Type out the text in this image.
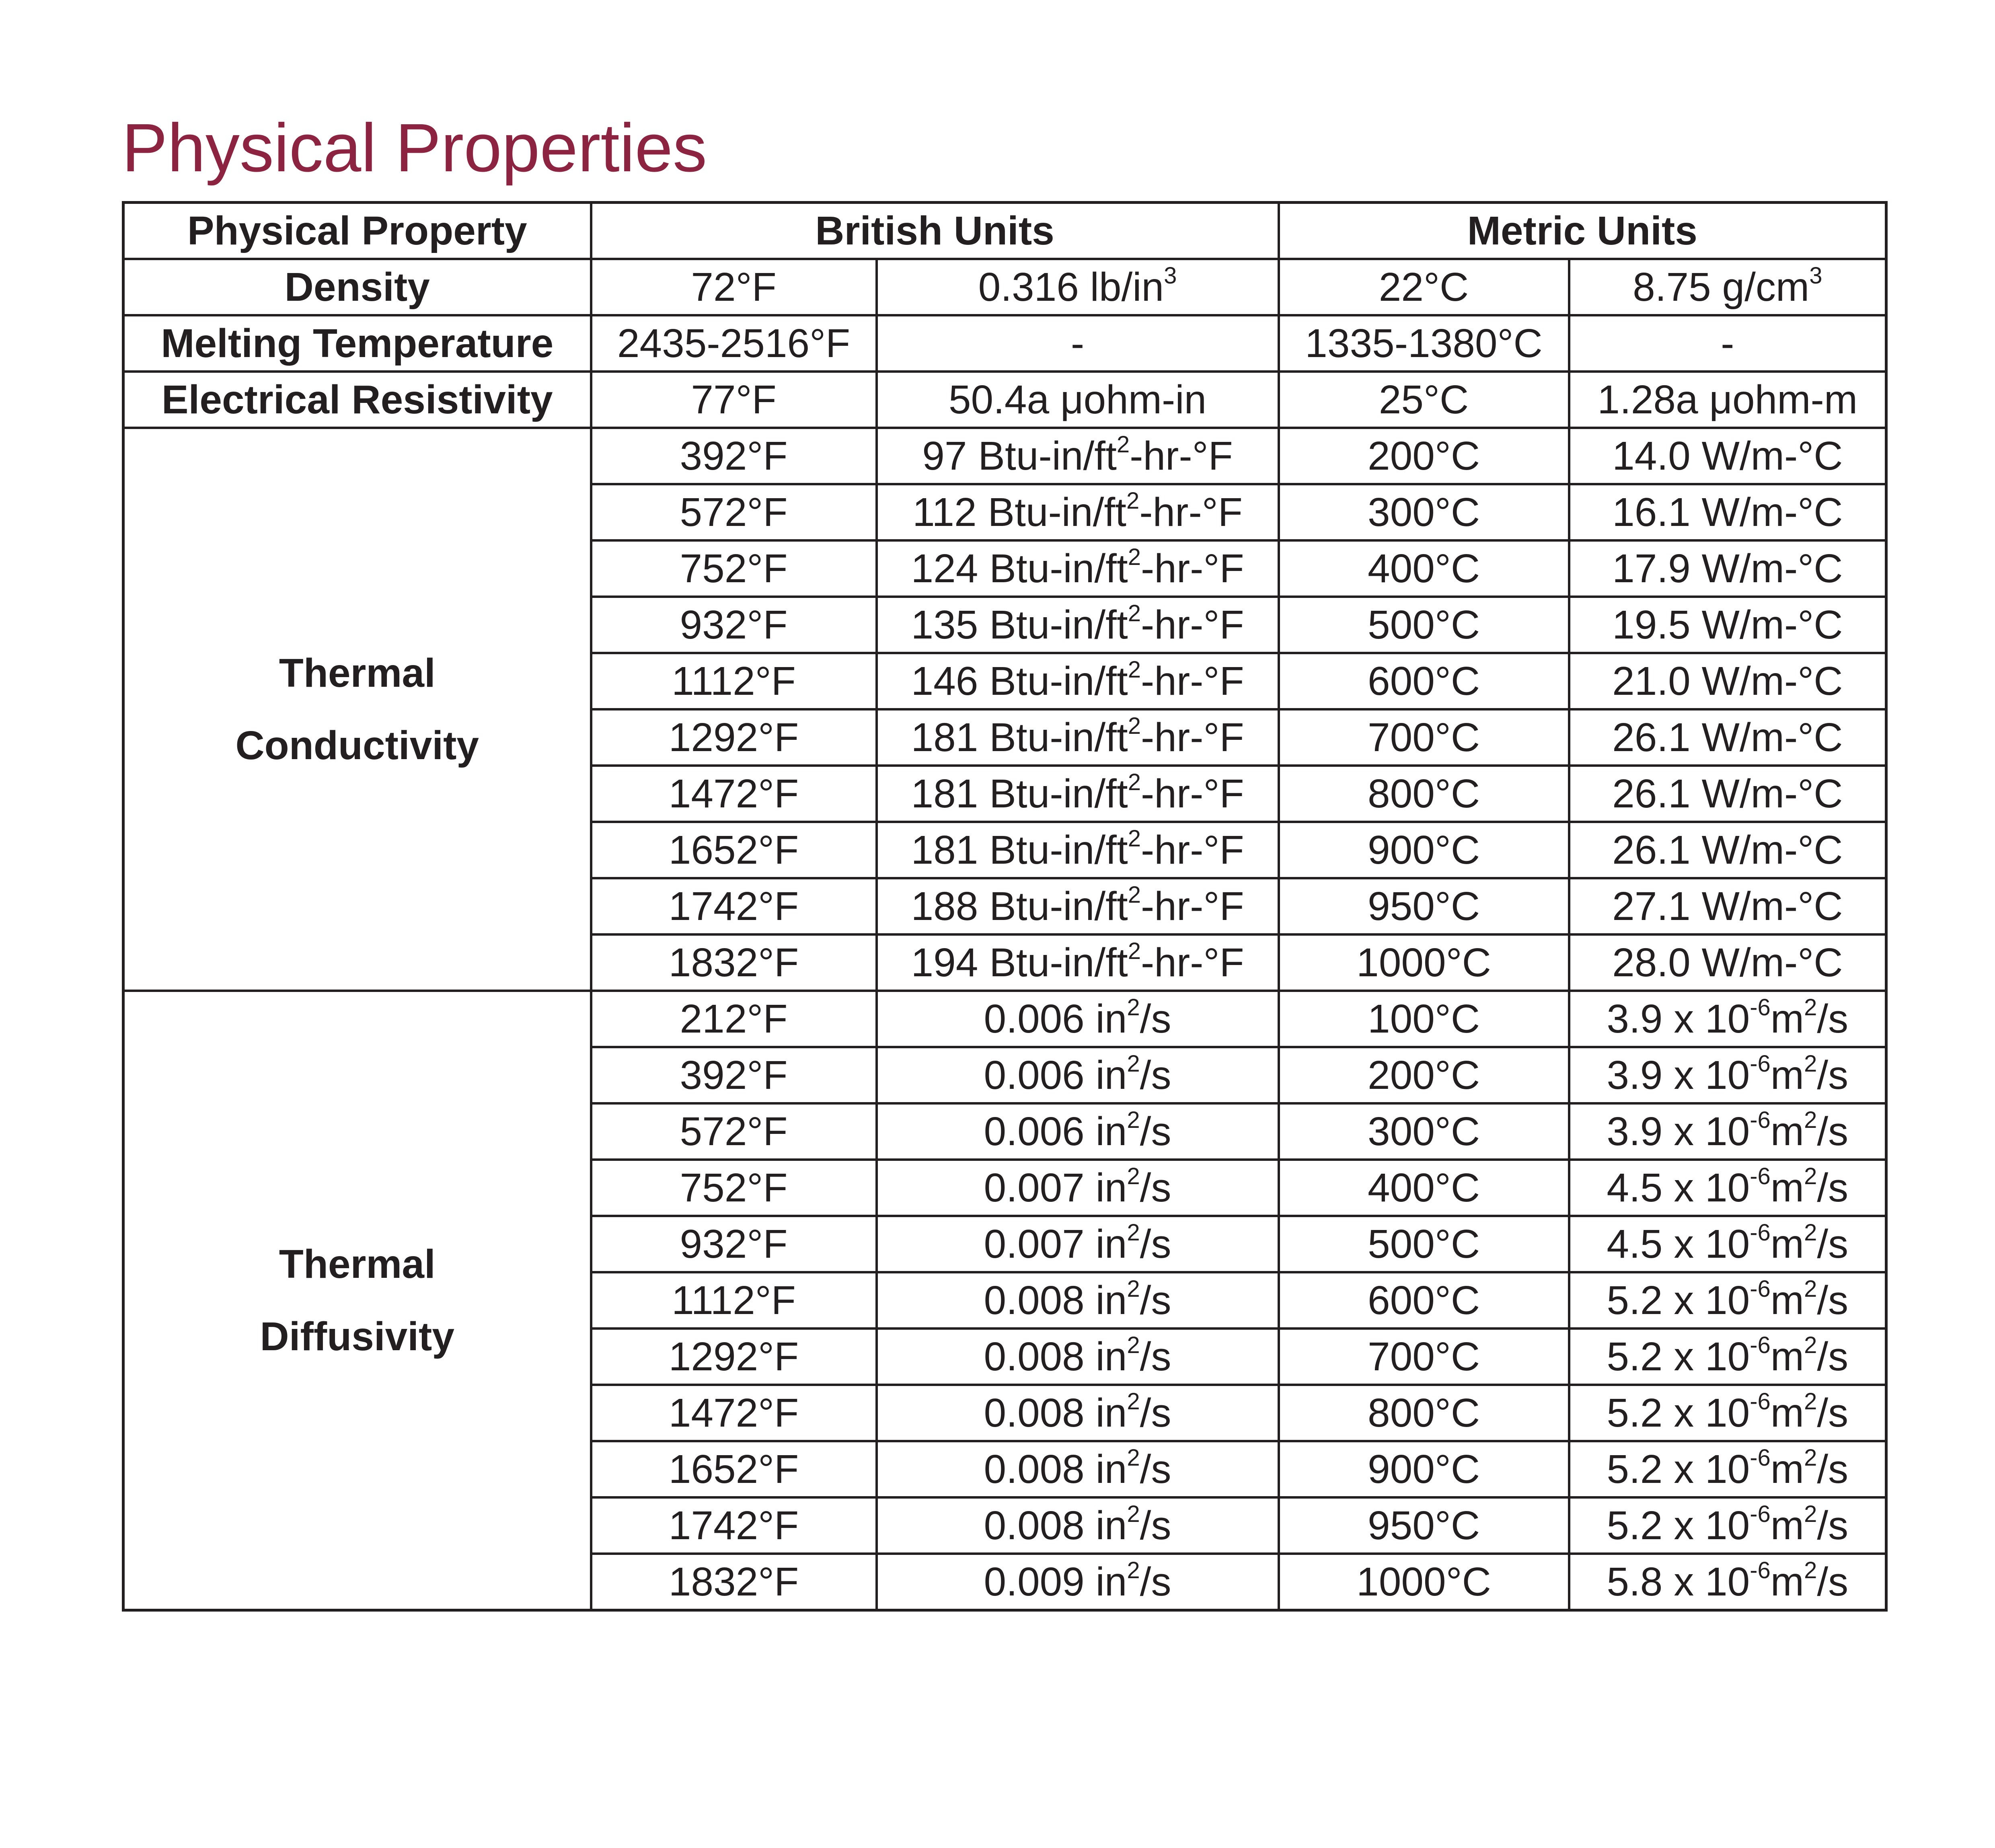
Physical Properties
Physical Property	British Units		Metric Units	
Density	72°F	0.316 $lb/in^3$	22°C	8.75 $g/cm^3$
Melting Temperature	2435-2516°F	-	1335-1380°C	-
Electrical Resistivity	77°F	50.4a μohm-in	25°C	1.28a μohm-m

Thermal
Conductivity	392°F	97 Btu-$in/ft^2-hr-^\circ F$	200°C	14.0 W/m-°C
	572°F	112 Btu-$in/ft^2-hr-^\circ F$	300°C	16.1 W/m-°C
	752°F	124 Btu-$in/ft^2-hr-^\circ F$	400°C	17.9 W/m-°C
	932°F	135 Btu-$in/ft^2-hr-^\circ F$	500°C	19.5 W/m-°C
	1112°F	146 Btu-$in/ft^2-hr-^\circ F$	600°C	21.0 W/m-°C
	1292°F	181 Btu-$in/ft^2-hr-^\circ F$	700°C	26.1 W/m-°C
	1472°F	181 Btu-$in/ft^2-hr-^\circ F$	800°C	26.1 W/m-°C
	1652°F	181 Btu-$in/ft^2-hr-^\circ F$	900°C	26.1 W/m-°C
	1742°F	188 Btu-$in/ft^2-hr-^\circ F$	950°C	27.1 W/m-°C
	1832°F	194 Btu-$in/ft^2-hr-^\circ F$	1000°C	28.0 W/m-°C

Thermal
Diffusivity	212°F	0.006 $in^2/s$	100°C	3.9 x $10^{-6}m^2/s$
	392°F	0.006 $in^2/s$	200°C	3.9 x $10^{-6}m^2/s$
	572°F	0.006 $in^2/s$	300°C	3.9 x $10^{-6}m^2/s$
	752°F	0.007 $in^2/s$	400°C	4.5 x $10^{-6}m^2/s$
	932°F	0.007 $in^2/s$	500°C	4.5 x $10^{-6}m^2/s$
	1112°F	0.008 $in^2/s$	600°C	5.2 x $10^{-6}m^2/s$
	1292°F	0.008 $in^2/s$	700°C	5.2 x $10^{-6}m^2/s$
	1472°F	0.008 $in^2/s$	800°C	5.2 x $10^{-6}m^2/s$
	1652°F	0.008 $in^2/s$	900°C	5.2 x $10^{-6}m^2/s$
	1742°F	0.008 $in^2/s$	950°C	5.2 x $10^{-6}m^2/s$
	1832°F	0.009 $in^2/s$	1000°C	5.8 x $10^{-6}m^2/s$
